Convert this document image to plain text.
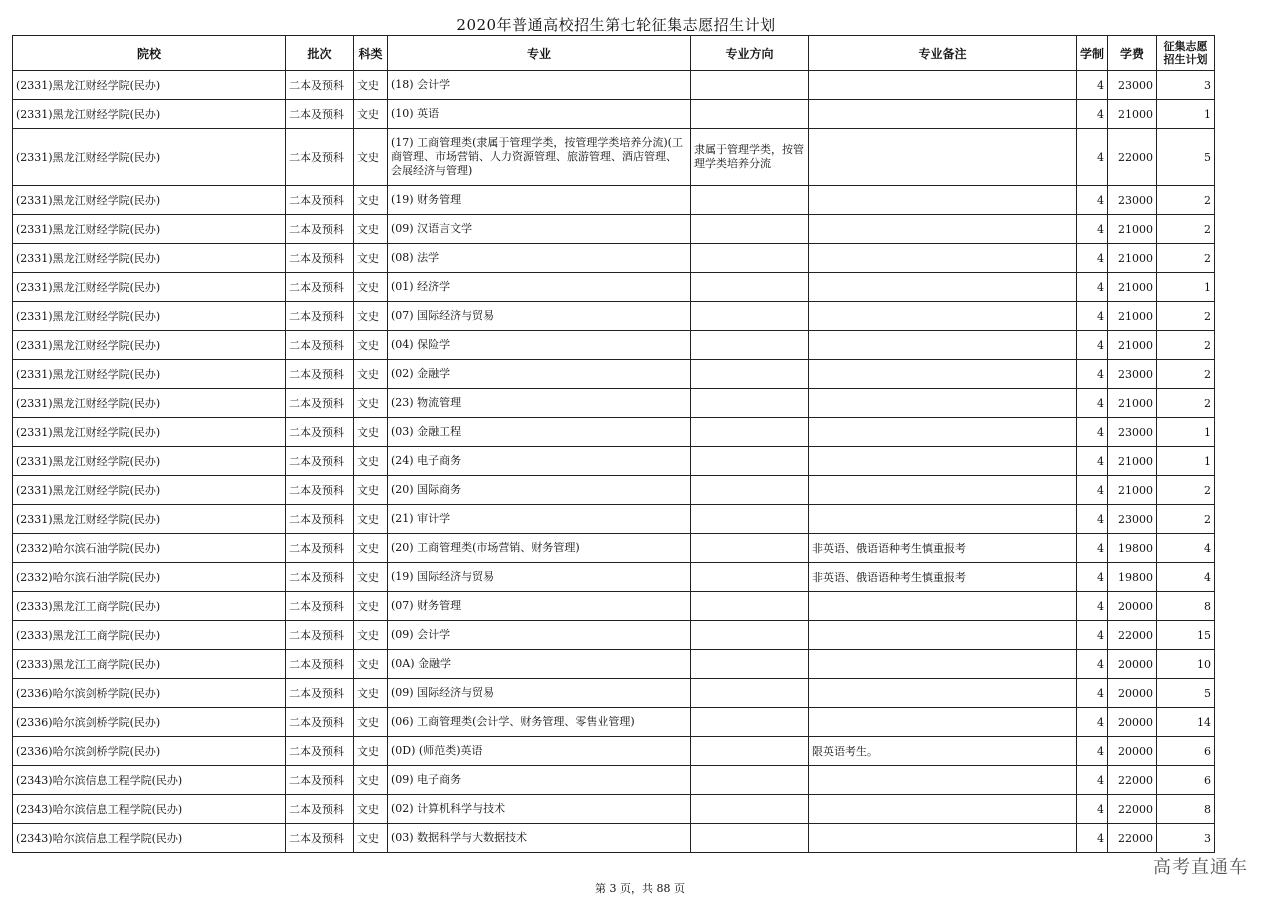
2020年普通高校招生第七轮征集志愿招生计划
院校	批次	科类	专业	专业方向	专业备注	学制	学费	征集志愿
招生计划
(2331)黑龙江财经学院(民办)	二本及预科	文史	(18) 会计学			4	23000	3
(2331)黑龙江财经学院(民办)	二本及预科	文史	(10) 英语			4	21000	1
(2331)黑龙江财经学院(民办)	二本及预科	文史	(17) 工商管理类(隶属于管理学类，按管理学类培养分流)(工商管理、市场营销、人力资源管理、旅游管理、酒店管理、会展经济与管理)	隶属于管理学类，按管理学类培养分流		4	22000	5
(2331)黑龙江财经学院(民办)	二本及预科	文史	(19) 财务管理			4	23000	2
(2331)黑龙江财经学院(民办)	二本及预科	文史	(09) 汉语言文学			4	21000	2
(2331)黑龙江财经学院(民办)	二本及预科	文史	(08) 法学			4	21000	2
(2331)黑龙江财经学院(民办)	二本及预科	文史	(01) 经济学			4	21000	1
(2331)黑龙江财经学院(民办)	二本及预科	文史	(07) 国际经济与贸易			4	21000	2
(2331)黑龙江财经学院(民办)	二本及预科	文史	(04) 保险学			4	21000	2
(2331)黑龙江财经学院(民办)	二本及预科	文史	(02) 金融学			4	23000	2
(2331)黑龙江财经学院(民办)	二本及预科	文史	(23) 物流管理			4	21000	2
(2331)黑龙江财经学院(民办)	二本及预科	文史	(03) 金融工程			4	23000	1
(2331)黑龙江财经学院(民办)	二本及预科	文史	(24) 电子商务			4	21000	1
(2331)黑龙江财经学院(民办)	二本及预科	文史	(20) 国际商务			4	21000	2
(2331)黑龙江财经学院(民办)	二本及预科	文史	(21) 审计学			4	23000	2
(2332)哈尔滨石油学院(民办)	二本及预科	文史	(20) 工商管理类(市场营销、财务管理)		非英语、俄语语种考生慎重报考	4	19800	4
(2332)哈尔滨石油学院(民办)	二本及预科	文史	(19) 国际经济与贸易		非英语、俄语语种考生慎重报考	4	19800	4
(2333)黑龙江工商学院(民办)	二本及预科	文史	(07) 财务管理			4	20000	8
(2333)黑龙江工商学院(民办)	二本及预科	文史	(09) 会计学			4	22000	15
(2333)黑龙江工商学院(民办)	二本及预科	文史	(0A) 金融学			4	20000	10
(2336)哈尔滨剑桥学院(民办)	二本及预科	文史	(09) 国际经济与贸易			4	20000	5
(2336)哈尔滨剑桥学院(民办)	二本及预科	文史	(06) 工商管理类(会计学、财务管理、零售业管理)			4	20000	14
(2336)哈尔滨剑桥学院(民办)	二本及预科	文史	(0D) (师范类)英语		限英语考生。	4	20000	6
(2343)哈尔滨信息工程学院(民办)	二本及预科	文史	(09) 电子商务			4	22000	6
(2343)哈尔滨信息工程学院(民办)	二本及预科	文史	(02) 计算机科学与技术			4	22000	8
(2343)哈尔滨信息工程学院(民办)	二本及预科	文史	(03) 数据科学与大数据技术			4	22000	3
第 3 页，共 88 页
高考直通车
